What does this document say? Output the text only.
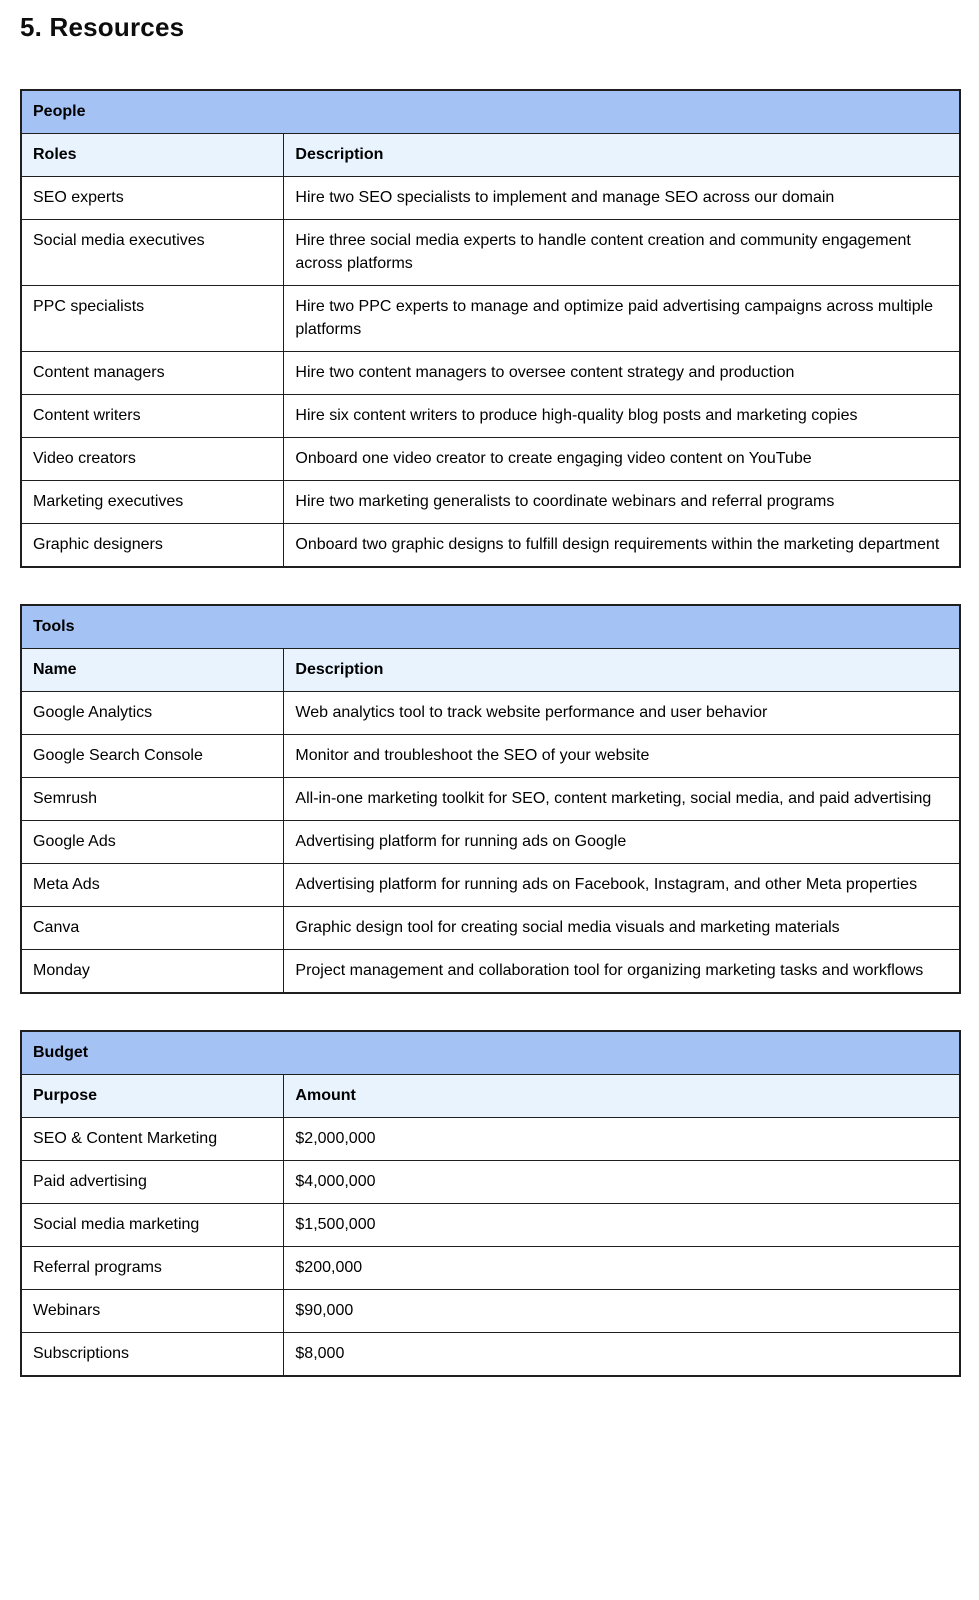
5. Resources
People	
Roles	Description
SEO experts	Hire two SEO specialists to implement and manage SEO across our domain
Social media executives	Hire three social media experts to handle content creation and community engagement across platforms
PPC specialists	Hire two PPC experts to manage and optimize paid advertising campaigns across multiple platforms
Content managers	Hire two content managers to oversee content strategy and production
Content writers	Hire six content writers to produce high-quality blog posts and marketing copies
Video creators	Onboard one video creator to create engaging video content on YouTube
Marketing executives	Hire two marketing generalists to coordinate webinars and referral programs
Graphic designers	Onboard two graphic designs to fulfill design requirements within the marketing department
Tools	
Name	Description
Google Analytics	Web analytics tool to track website performance and user behavior
Google Search Console	Monitor and troubleshoot the SEO of your website
Semrush	All-in-one marketing toolkit for SEO, content marketing, social media, and paid advertising
Google Ads	Advertising platform for running ads on Google
Meta Ads	Advertising platform for running ads on Facebook, Instagram, and other Meta properties
Canva	Graphic design tool for creating social media visuals and marketing materials
Monday	Project management and collaboration tool for organizing marketing tasks and workflows
Budget	
Purpose	Amount
SEO & Content Marketing	$2,000,000
Paid advertising	$4,000,000
Social media marketing	$1,500,000
Referral programs	$200,000
Webinars	$90,000
Subscriptions	$8,000
